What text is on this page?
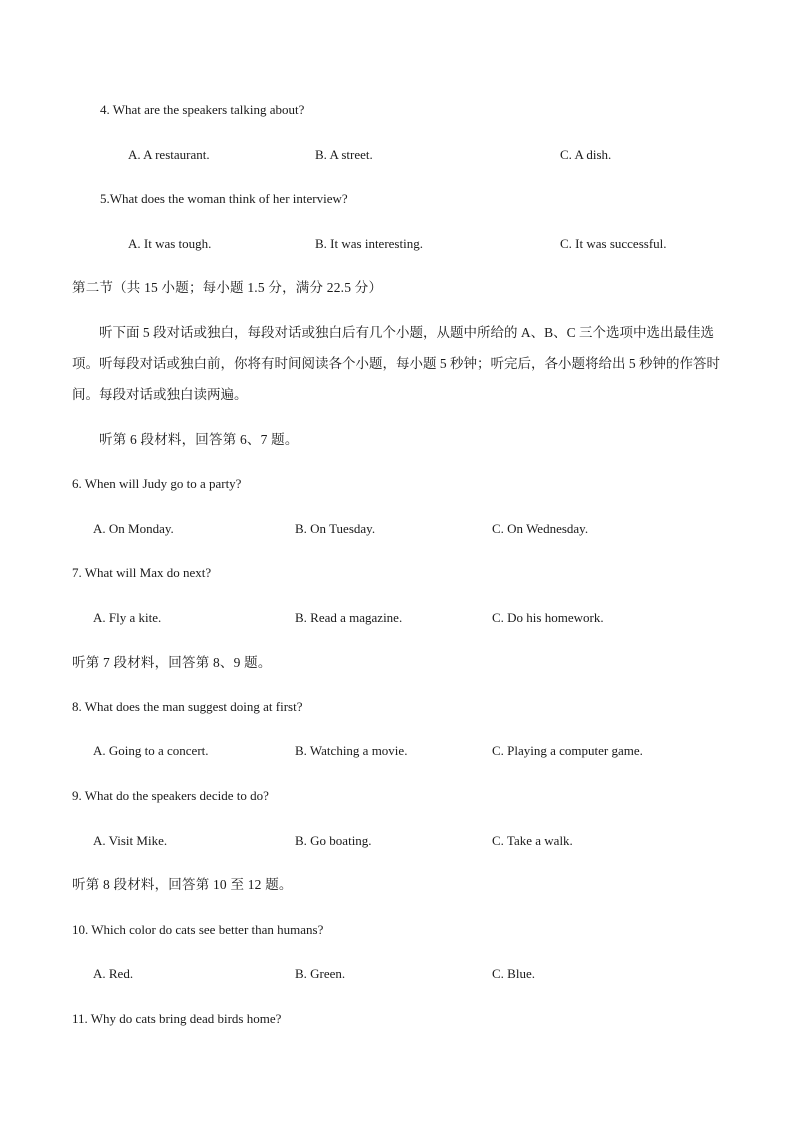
4. What are the speakers talking about?
A. A restaurant.	B. A street.	C. A dish.
5.What does the woman think of her interview?
A. It was tough.	B. It was interesting.	C. It was successful.
第二节（共 15 小题；每小题 1.5 分，满分 22.5 分）
听下面 5 段对话或独白，每段对话或独白后有几个小题，从题中所给的 A、B、C 三个选项中选出最佳选项。听每段对话或独白前，你将有时间阅读各个小题，每小题 5 秒钟；听完后，各小题将给出 5 秒钟的作答时间。每段对话或独白读两遍。
听第 6 段材料，回答第 6、7 题。
6. When will Judy go to a party?
A. On Monday.	B. On Tuesday.	C. On Wednesday.
7. What will Max do next?
A. Fly a kite.	B. Read a magazine.	C. Do his homework.
听第 7 段材料，回答第 8、9 题。
8. What does the man suggest doing at first?
A. Going to a concert.	B. Watching a movie.	C. Playing a computer game.
9. What do the speakers decide to do?
A. Visit Mike.	B. Go boating.	C. Take a walk.
听第 8 段材料，回答第 10 至 12 题。
10. Which color do cats see better than humans?
A. Red.	B. Green.	C. Blue.
11. Why do cats bring dead birds home?
